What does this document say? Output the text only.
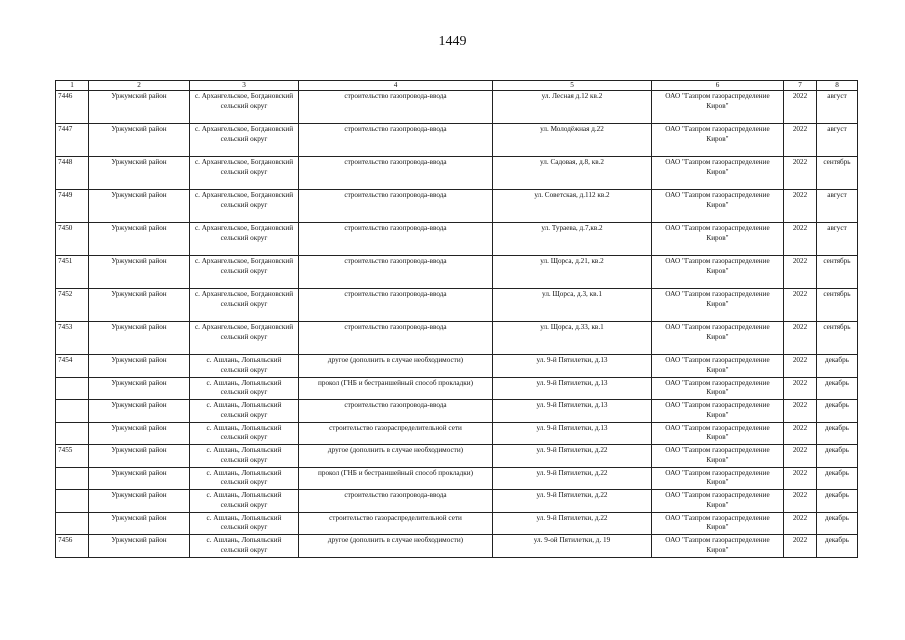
1449
1	2	3	4	5	6	7	8
7446	Уржумский район	с. Архангельское, Богдановский сельский округ	строительство газопровода-ввода	ул. Лесная д.12 кв.2	ОАО "Газпром газораспределение Киров"	2022	август
7447	Уржумский район	с. Архангельское, Богдановский сельский округ	строительство газопровода-ввода	ул. Молодёжная д.22	ОАО "Газпром газораспределение Киров"	2022	август
7448	Уржумский район	с. Архангельское, Богдановский сельский округ	строительство газопровода-ввода	ул. Садовая, д.8, кв.2	ОАО "Газпром газораспределение Киров"	2022	сентябрь
7449	Уржумский район	с. Архангельское, Богдановский сельский округ	строительство газопровода-ввода	ул. Советская, д.112 кв.2	ОАО "Газпром газораспределение Киров"	2022	август
7450	Уржумский район	с. Архангельское, Богдановский сельский округ	строительство газопровода-ввода	ул. Тураева, д.7,кв.2	ОАО "Газпром газораспределение Киров"	2022	август
7451	Уржумский район	с. Архангельское, Богдановский сельский округ	строительство газопровода-ввода	ул. Щорса, д.21, кв.2	ОАО "Газпром газораспределение Киров"	2022	сентябрь
7452	Уржумский район	с. Архангельское, Богдановский сельский округ	строительство газопровода-ввода	ул. Щорса, д.3, кв.1	ОАО "Газпром газораспределение Киров"	2022	сентябрь
7453	Уржумский район	с. Архангельское, Богдановский сельский округ	строительство газопровода-ввода	ул. Щорса, д.33, кв.1	ОАО "Газпром газораспределение Киров"	2022	сентябрь
7454	Уржумский район	с. Ашлань, Лопьяльский сельский округ	другое (дополнить в случае необходимости)	ул. 9-й Пятилетки, д.13	ОАО "Газпром газораспределение Киров"	2022	декабрь
	Уржумский район	с. Ашлань, Лопьяльский сельский округ	прокол (ГНБ и бестраншейный способ прокладки)	ул. 9-й Пятилетки, д.13	ОАО "Газпром газораспределение Киров"	2022	декабрь
	Уржумский район	с. Ашлань, Лопьяльский сельский округ	строительство газопровода-ввода	ул. 9-й Пятилетки, д.13	ОАО "Газпром газораспределение Киров"	2022	декабрь
	Уржумский район	с. Ашлань, Лопьяльский сельский округ	строительство газораспределительной сети	ул. 9-й Пятилетки, д.13	ОАО "Газпром газораспределение Киров"	2022	декабрь
7455	Уржумский район	с. Ашлань, Лопьяльский сельский округ	другое (дополнить в случае необходимости)	ул. 9-й Пятилетки, д.22	ОАО "Газпром газораспределение Киров"	2022	декабрь
	Уржумский район	с. Ашлань, Лопьяльский сельский округ	прокол (ГНБ и бестраншейный способ прокладки)	ул. 9-й Пятилетки, д.22	ОАО "Газпром газораспределение Киров"	2022	декабрь
	Уржумский район	с. Ашлань, Лопьяльский сельский округ	строительство газопровода-ввода	ул. 9-й Пятилетки, д.22	ОАО "Газпром газораспределение Киров"	2022	декабрь
	Уржумский район	с. Ашлань, Лопьяльский сельский округ	строительство газораспределительной сети	ул. 9-й Пятилетки, д.22	ОАО "Газпром газораспределение Киров"	2022	декабрь
7456	Уржумский район	с. Ашлань, Лопьяльский сельский округ	другое (дополнить в случае необходимости)	ул. 9-ой Пятилетки, д. 19	ОАО "Газпром газораспределение Киров"	2022	декабрь
